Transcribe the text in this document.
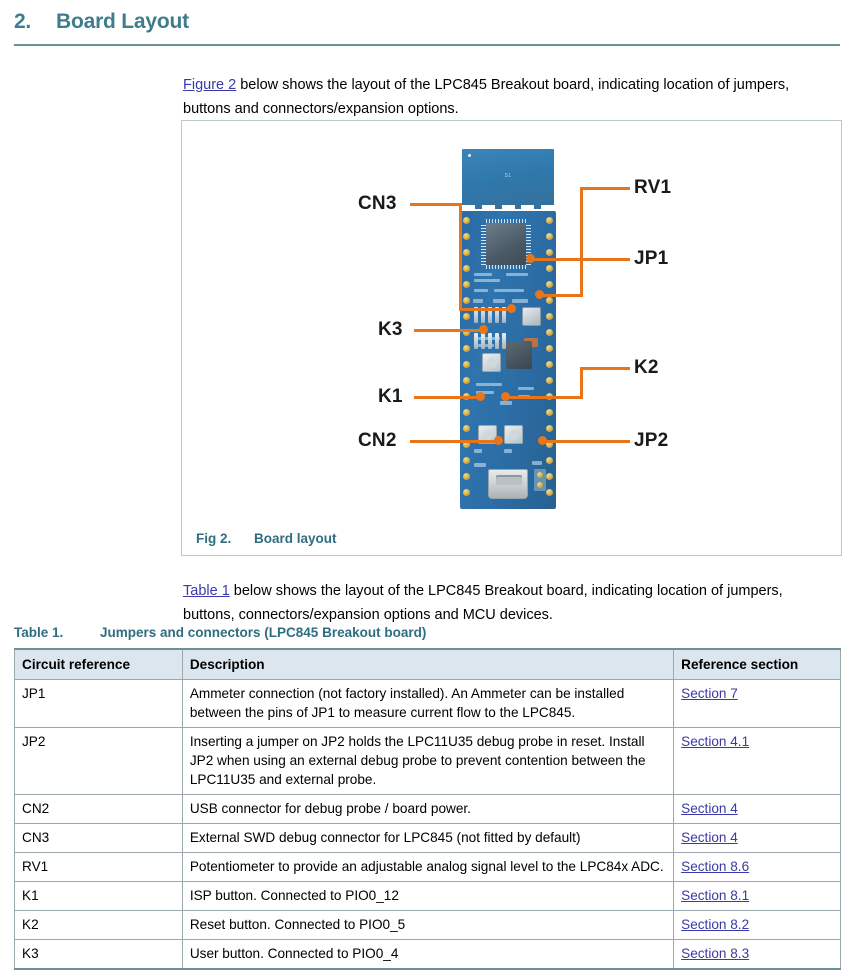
2.	Board Layout

Figure 2 below shows the layout of the LPC845 Breakout board, indicating location of jumpers, buttons and connectors/expansion options.

S1
CN3
RV1
K3
JP1
K1
K2
CN2	JP2
Fig 2.	Board layout

Table 1 below shows the layout of the LPC845 Breakout board, indicating location of jumpers, buttons, connectors/expansion options and MCU devices.

Table 1.	Jumpers and connectors (LPC845 Breakout board)
Circuit reference	Description	Reference section
JP1	Ammeter connection (not factory installed). An Ammeter can be installed between the pins of JP1 to measure current flow to the LPC845.	Section 7
JP2	Inserting a jumper on JP2 holds the LPC11U35 debug probe in reset. Install JP2 when using an external debug probe to prevent contention between the LPC11U35 and external probe.	Section 4.1
CN2	USB connector for debug probe / board power.	Section 4
CN3	External SWD debug connector for LPC845 (not fitted by default)	Section 4
RV1	Potentiometer to provide an adjustable analog signal level to the LPC84x ADC.	Section 8.6
K1	ISP button. Connected to PIO0_12	Section 8.1
K2	Reset button. Connected to PIO0_5	Section 8.2
K3	User button. Connected to PIO0_4	Section 8.3
